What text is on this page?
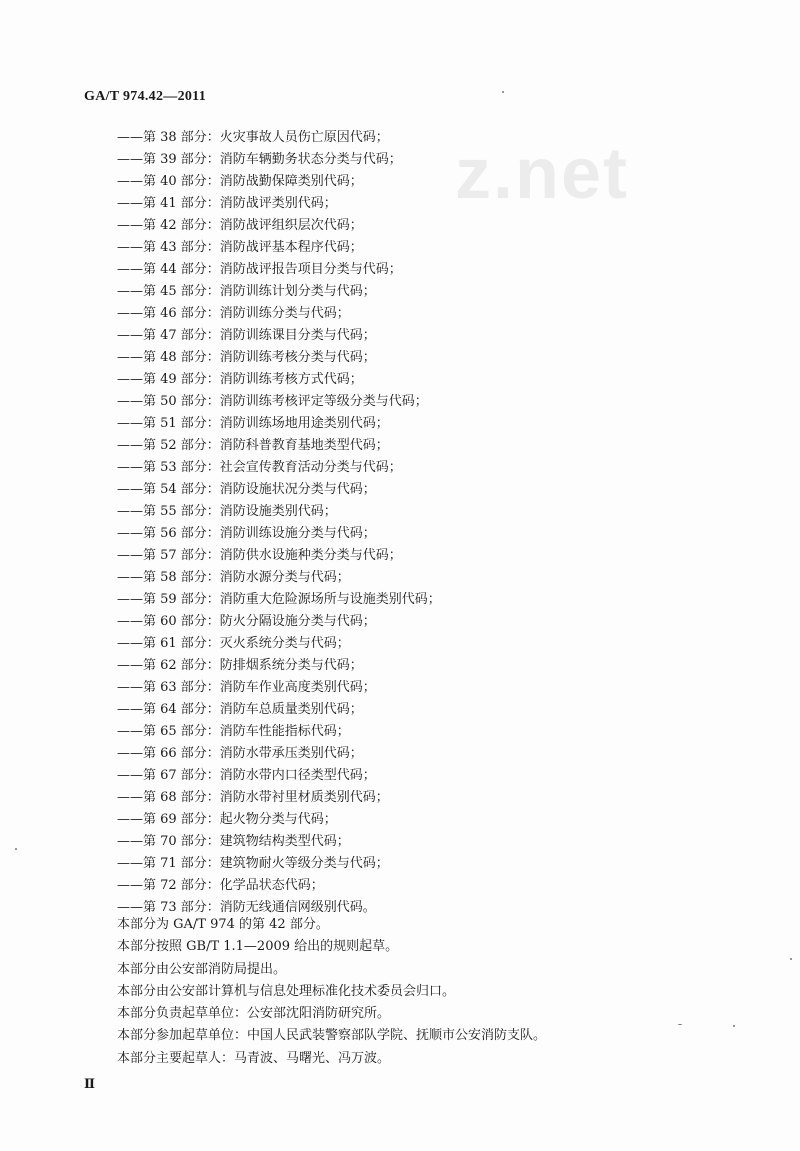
GA/T 974.42—2011
z.net
——第 38 部分：火灾事故人员伤亡原因代码；
——第 39 部分：消防车辆勤务状态分类与代码；
——第 40 部分：消防战勤保障类别代码；
——第 41 部分：消防战评类别代码；
——第 42 部分：消防战评组织层次代码；
——第 43 部分：消防战评基本程序代码；
——第 44 部分：消防战评报告项目分类与代码；
——第 45 部分：消防训练计划分类与代码；
——第 46 部分：消防训练分类与代码；
——第 47 部分：消防训练课目分类与代码；
——第 48 部分：消防训练考核分类与代码；
——第 49 部分：消防训练考核方式代码；
——第 50 部分：消防训练考核评定等级分类与代码；
——第 51 部分：消防训练场地用途类别代码；
——第 52 部分：消防科普教育基地类型代码；
——第 53 部分：社会宣传教育活动分类与代码；
——第 54 部分：消防设施状况分类与代码；
——第 55 部分：消防设施类别代码；
——第 56 部分：消防训练设施分类与代码；
——第 57 部分：消防供水设施种类分类与代码；
——第 58 部分：消防水源分类与代码；
——第 59 部分：消防重大危险源场所与设施类别代码；
——第 60 部分：防火分隔设施分类与代码；
——第 61 部分：灭火系统分类与代码；
——第 62 部分：防排烟系统分类与代码；
——第 63 部分：消防车作业高度类别代码；
——第 64 部分：消防车总质量类别代码；
——第 65 部分：消防车性能指标代码；
——第 66 部分：消防水带承压类别代码；
——第 67 部分：消防水带内口径类型代码；
——第 68 部分：消防水带衬里材质类别代码；
——第 69 部分：起火物分类与代码；
——第 70 部分：建筑物结构类型代码；
——第 71 部分：建筑物耐火等级分类与代码；
——第 72 部分：化学品状态代码；
——第 73 部分：消防无线通信网级别代码。

本部分为 GA/T 974 的第 42 部分。

本部分按照 GB/T 1.1—2009 给出的规则起草。

本部分由公安部消防局提出。

本部分由公安部计算机与信息处理标准化技术委员会归口。

本部分负责起草单位：公安部沈阳消防研究所。

本部分参加起草单位：中国人民武装警察部队学院、抚顺市公安消防支队。

本部分主要起草人：马青波、马曙光、冯万波。

Ⅱ
